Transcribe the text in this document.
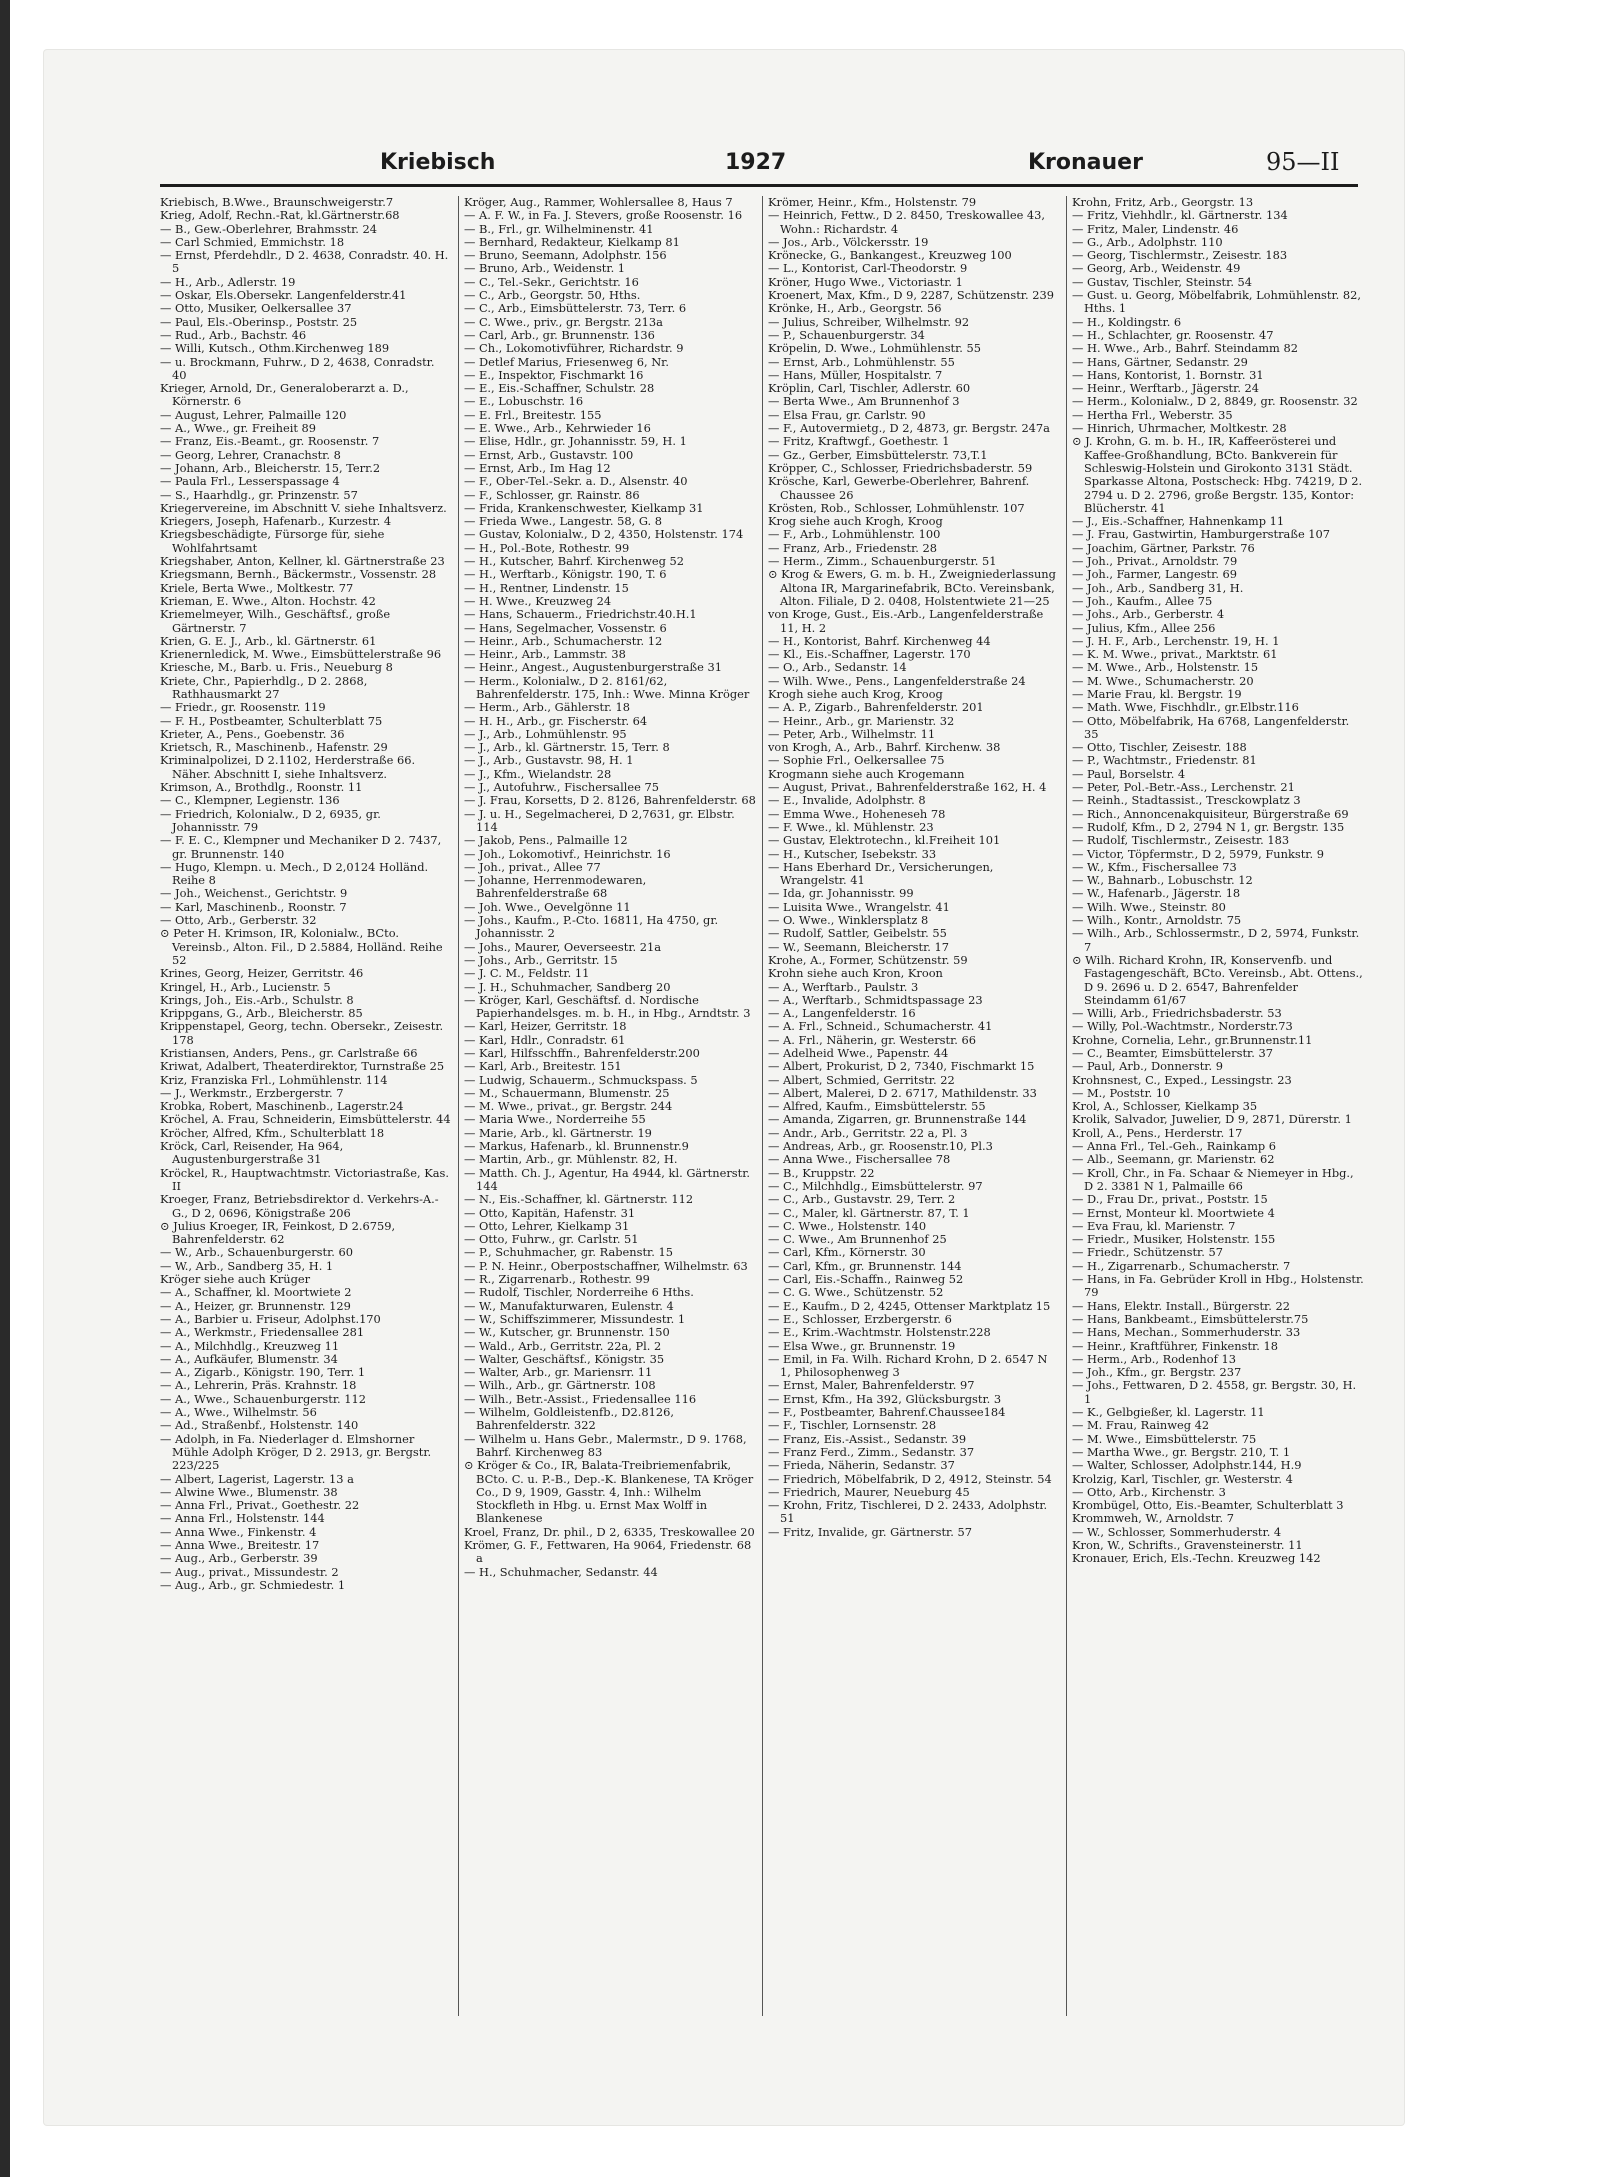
Kriebisch	1927	Kronauer	95—II

Kriebisch, B.Wwe., Braunschweigerstr.7

Krieg, Adolf, Rechn.-Rat, kl.Gärtnerstr.68

— B., Gew.-Oberlehrer, Brahmsstr. 24

— Carl Schmied, Emmichstr. 18

— Ernst, Pferdehdlr., D 2. 4638, Conradstr. 40. H. 5

— H., Arb., Adlerstr. 19

— Oskar, Els.Obersekr. Langenfelderstr.41

— Otto, Musiker, Oelkersallee 37

— Paul, Els.-Oberinsp., Poststr. 25

— Rud., Arb., Bachstr. 46

— Willi, Kutsch., Othm.Kirchenweg 189

— u. Brockmann, Fuhrw., D 2, 4638, Conradstr. 40

Krieger, Arnold, Dr., Generaloberarzt a. D., Körnerstr. 6

— August, Lehrer, Palmaille 120

— A., Wwe., gr. Freiheit 89

— Franz, Eis.-Beamt., gr. Roosenstr. 7

— Georg, Lehrer, Cranachstr. 8

— Johann, Arb., Bleicherstr. 15, Terr.2

— Paula Frl., Lesserspassage 4

— S., Haarhdlg., gr. Prinzenstr. 57

Kriegervereine, im Abschnitt V. siehe Inhaltsverz.

Kriegers, Joseph, Hafenarb., Kurzestr. 4

Kriegsbeschädigte, Fürsorge für, siehe Wohlfahrtsamt

Kriegshaber, Anton, Kellner, kl. Gärtnerstraße 23

Kriegsmann, Bernh., Bäckermstr., Vossenstr. 28

Kriele, Berta Wwe., Moltkestr. 77

Krieman, E. Wwe., Alton. Hochstr. 42

Kriemelmeyer, Wilh., Geschäftsf., große Gärtnerstr. 7

Krien, G. E. J., Arb., kl. Gärtnerstr. 61

Krienernledick, M. Wwe., Eimsbüttelerstraße 96

Kriesche, M., Barb. u. Fris., Neueburg 8

Kriete, Chr., Papierhdlg., D 2. 2868, Rathhausmarkt 27

— Friedr., gr. Roosenstr. 119

— F. H., Postbeamter, Schulterblatt 75

Krieter, A., Pens., Goebenstr. 36

Krietsch, R., Maschinenb., Hafenstr. 29

Kriminalpolizei, D 2.1102, Herderstraße 66. Näher. Abschnitt I, siehe Inhaltsverz.

Krimson, A., Brothdlg., Roonstr. 11

— C., Klempner, Legienstr. 136

— Friedrich, Kolonialw., D 2, 6935, gr. Johannisstr. 79

— F. E. C., Klempner und Mechaniker D 2. 7437, gr. Brunnenstr. 140

— Hugo, Klempn. u. Mech., D 2,0124 Holländ. Reihe 8

— Joh., Weichenst., Gerichtstr. 9

— Karl, Maschinenb., Roonstr. 7

— Otto, Arb., Gerberstr. 32

⊙ Peter H. Krimson, IR, Kolonialw., BCto. Vereinsb., Alton. Fil., D 2.5884, Holländ. Reihe 52

Krines, Georg, Heizer, Gerritstr. 46

Kringel, H., Arb., Lucienstr. 5

Krings, Joh., Eis.-Arb., Schulstr. 8

Krippgans, G., Arb., Bleicherstr. 85

Krippenstapel, Georg, techn. Obersekr., Zeisestr. 178

Kristiansen, Anders, Pens., gr. Carlstraße 66

Kriwat, Adalbert, Theaterdirektor, Turnstraße 25

Kriz, Franziska Frl., Lohmühlenstr. 114

— J., Werkmstr., Erzbergerstr. 7

Krobka, Robert, Maschinenb., Lagerstr.24

Kröchel, A. Frau, Schneiderin, Eimsbüttelerstr. 44

Kröcher, Alfred, Kfm., Schulterblatt 18

Kröck, Carl, Reisender, Ha 964, Augustenburgerstraße 31

Kröckel, R., Hauptwachtmstr. Victoriastraße, Kas. II

Kroeger, Franz, Betriebsdirektor d. Verkehrs-A.-G., D 2, 0696, Königstraße 206

⊙ Julius Kroeger, IR, Feinkost, D 2.6759, Bahrenfelderstr. 62

— W., Arb., Schauenburgerstr. 60

— W., Arb., Sandberg 35, H. 1

Kröger siehe auch Krüger

— A., Schaffner, kl. Moortwiete 2

— A., Heizer, gr. Brunnenstr. 129

— A., Barbier u. Friseur, Adolphst.170

— A., Werkmstr., Friedensallee 281

— A., Milchhdlg., Kreuzweg 11

— A., Aufkäufer, Blumenstr. 34

— A., Zigarb., Königstr. 190, Terr. 1

— A., Lehrerin, Präs. Krahnstr. 18

— A., Wwe., Schauenburgerstr. 112

— A., Wwe., Wilhelmstr. 56

— Ad., Straßenbf., Holstenstr. 140

— Adolph, in Fa. Niederlager d. Elmshorner Mühle Adolph Kröger, D 2. 2913, gr. Bergstr. 223/225

— Albert, Lagerist, Lagerstr. 13 a

— Alwine Wwe., Blumenstr. 38

— Anna Frl., Privat., Goethestr. 22

— Anna Frl., Holstenstr. 144

— Anna Wwe., Finkenstr. 4

— Anna Wwe., Breitestr. 17

— Aug., Arb., Gerberstr. 39

— Aug., privat., Missundestr. 2

— Aug., Arb., gr. Schmiedestr. 1

Kröger, Aug., Rammer, Wohlersallee 8, Haus 7

— A. F. W., in Fa. J. Stevers, große Roosenstr. 16

— B., Frl., gr. Wilhelminenstr. 41

— Bernhard, Redakteur, Kielkamp 81

— Bruno, Seemann, Adolphstr. 156

— Bruno, Arb., Weidenstr. 1

— C., Tel.-Sekr., Gerichtstr. 16

— C., Arb., Georgstr. 50, Hths.

— C., Arb., Eimsbüttelerstr. 73, Terr. 6

— C. Wwe., priv., gr. Bergstr. 213a

— Carl, Arb., gr. Brunnenstr. 136

— Ch., Lokomotivführer, Richardstr. 9

— Detlef Marius, Friesenweg 6, Nr.

— E., Inspektor, Fischmarkt 16

— E., Eis.-Schaffner, Schulstr. 28

— E., Lobuschstr. 16

— E. Frl., Breitestr. 155

— E. Wwe., Arb., Kehrwieder 16

— Elise, Hdlr., gr. Johannisstr. 59, H. 1

— Ernst, Arb., Gustavstr. 100

— Ernst, Arb., Im Hag 12

— F., Ober-Tel.-Sekr. a. D., Alsenstr. 40

— F., Schlosser, gr. Rainstr. 86

— Frida, Krankenschwester, Kielkamp 31

— Frieda Wwe., Langestr. 58, G. 8

— Gustav, Kolonialw., D 2, 4350, Holstenstr. 174

— H., Pol.-Bote, Rothestr. 99

— H., Kutscher, Bahrf. Kirchenweg 52

— H., Werftarb., Königstr. 190, T. 6

— H., Rentner, Lindenstr. 15

— H. Wwe., Kreuzweg 24

— Hans, Schauerm., Friedrichstr.40.H.1

— Hans, Segelmacher, Vossenstr. 6

— Heinr., Arb., Schumacherstr. 12

— Heinr., Arb., Lammstr. 38

— Heinr., Angest., Augustenburgerstraße 31

— Herm., Kolonialw., D 2. 8161/62, Bahrenfelderstr. 175, Inh.: Wwe. Minna Kröger

— Herm., Arb., Gählerstr. 18

— H. H., Arb., gr. Fischerstr. 64

— J., Arb., Lohmühlenstr. 95

— J., Arb., kl. Gärtnerstr. 15, Terr. 8

— J., Arb., Gustavstr. 98, H. 1

— J., Kfm., Wielandstr. 28

— J., Autofuhrw., Fischersallee 75

— J. Frau, Korsetts, D 2. 8126, Bahrenfelderstr. 68

— J. u. H., Segelmacherei, D 2,7631, gr. Elbstr. 114

— Jakob, Pens., Palmaille 12

— Joh., Lokomotivf., Heinrichstr. 16

— Joh., privat., Allee 77

— Johanne, Herrenmodewaren, Bahrenfelderstraße 68

— Joh. Wwe., Oevelgönne 11

— Johs., Kaufm., P.-Cto. 16811, Ha 4750, gr. Johannisstr. 2

— Johs., Maurer, Oeverseestr. 21a

— Johs., Arb., Gerritstr. 15

— J. C. M., Feldstr. 11

— J. H., Schuhmacher, Sandberg 20

— Kröger, Karl, Geschäftsf. d. Nordische Papierhandelsges. m. b. H., in Hbg., Arndtstr. 3

— Karl, Heizer, Gerritstr. 18

— Karl, Hdlr., Conradstr. 61

— Karl, Hilfsschffn., Bahrenfelderstr.200

— Karl, Arb., Breitestr. 151

— Ludwig, Schauerm., Schmuckspass. 5

— M., Schauermann, Blumenstr. 25

— M. Wwe., privat., gr. Bergstr. 244

— Maria Wwe., Norderreihe 55

— Marie, Arb., kl. Gärtnerstr. 19

— Markus, Hafenarb., kl. Brunnenstr.9

— Martin, Arb., gr. Mühlenstr. 82, H.

— Matth. Ch. J., Agentur, Ha 4944, kl. Gärtnerstr. 144

— N., Eis.-Schaffner, kl. Gärtnerstr. 112

— Otto, Kapitän, Hafenstr. 31

— Otto, Lehrer, Kielkamp 31

— Otto, Fuhrw., gr. Carlstr. 51

— P., Schuhmacher, gr. Rabenstr. 15

— P. N. Heinr., Oberpostschaffner, Wilhelmstr. 63

— R., Zigarrenarb., Rothestr. 99

— Rudolf, Tischler, Norderreihe 6 Hths.

— W., Manufakturwaren, Eulenstr. 4

— W., Schiffszimmerer, Missundestr. 1

— W., Kutscher, gr. Brunnenstr. 150

— Wald., Arb., Gerritstr. 22a, Pl. 2

— Walter, Geschäftsf., Königstr. 35

— Walter, Arb., gr. Mariensrr. 11

— Wilh., Arb., gr. Gärtnerstr. 108

— Wilh., Betr.-Assist., Friedensallee 116

— Wilhelm, Goldleistenfb., D2.8126, Bahrenfelderstr. 322

— Wilhelm u. Hans Gebr., Malermstr., D 9. 1768, Bahrf. Kirchenweg 83

⊙ Kröger & Co., IR, Balata-Treibriemenfabrik, BCto. C. u. P.-B., Dep.-K. Blankenese, TA Kröger Co., D 9, 1909, Gasstr. 4, Inh.: Wilhelm Stockfleth in Hbg. u. Ernst Max Wolff in Blankenese

Kroel, Franz, Dr. phil., D 2, 6335, Treskowallee 20

Krömer, G. F., Fettwaren, Ha 9064, Friedenstr. 68 a

— H., Schuhmacher, Sedanstr. 44

Krömer, Heinr., Kfm., Holstenstr. 79

— Heinrich, Fettw., D 2. 8450, Treskowallee 43, Wohn.: Richardstr. 4

— Jos., Arb., Völckersstr. 19

Krönecke, G., Bankangest., Kreuzweg 100

— L., Kontorist, Carl-Theodorstr. 9

Kröner, Hugo Wwe., Victoriastr. 1

Kroenert, Max, Kfm., D 9, 2287, Schützenstr. 239

Krönke, H., Arb., Georgstr. 56

— Julius, Schreiber, Wilhelmstr. 92

— P., Schauenburgerstr. 34

Kröpelin, D. Wwe., Lohmühlenstr. 55

— Ernst, Arb., Lohmühlenstr. 55

— Hans, Müller, Hospitalstr. 7

Kröplin, Carl, Tischler, Adlerstr. 60

— Berta Wwe., Am Brunnenhof 3

— Elsa Frau, gr. Carlstr. 90

— F., Autovermietg., D 2, 4873, gr. Bergstr. 247a

— Fritz, Kraftwgf., Goethestr. 1

— Gz., Gerber, Eimsbüttelerstr. 73,T.1

Kröpper, C., Schlosser, Friedrichsbaderstr. 59

Krösche, Karl, Gewerbe-Oberlehrer, Bahrenf. Chaussee 26

Krösten, Rob., Schlosser, Lohmühlenstr. 107

Krog siehe auch Krogh, Kroog

— F., Arb., Lohmühlenstr. 100

— Franz, Arb., Friedenstr. 28

— Herm., Zimm., Schauenburgerstr. 51

⊙ Krog & Ewers, G. m. b. H., Zweigniederlassung Altona IR, Margarinefabrik, BCto. Vereinsbank, Alton. Filiale, D 2. 0408, Holstentwiete 21—25

von Kroge, Gust., Eis.-Arb., Langenfelderstraße 11, H. 2

— H., Kontorist, Bahrf. Kirchenweg 44

— Kl., Eis.-Schaffner, Lagerstr. 170

— O., Arb., Sedanstr. 14

— Wilh. Wwe., Pens., Langenfelderstraße 24

Krogh siehe auch Krog, Kroog

— A. P., Zigarb., Bahrenfelderstr. 201

— Heinr., Arb., gr. Marienstr. 32

— Peter, Arb., Wilhelmstr. 11

von Krogh, A., Arb., Bahrf. Kirchenw. 38

— Sophie Frl., Oelkersallee 75

Krogmann siehe auch Krogemann

— August, Privat., Bahrenfelderstraße 162, H. 4

— E., Invalide, Adolphstr. 8

— Emma Wwe., Hoheneseh 78

— F. Wwe., kl. Mühlenstr. 23

— Gustav, Elektrotechn., kl.Freiheit 101

— H., Kutscher, Isebekstr. 33

— Hans Eberhard Dr., Versicherungen, Wrangelstr. 41

— Ida, gr. Johannisstr. 99

— Luisita Wwe., Wrangelstr. 41

— O. Wwe., Winklersplatz 8

— Rudolf, Sattler, Geibelstr. 55

— W., Seemann, Bleicherstr. 17

Krohe, A., Former, Schützenstr. 59

Krohn siehe auch Kron, Kroon

— A., Werftarb., Paulstr. 3

— A., Werftarb., Schmidtspassage 23

— A., Langenfelderstr. 16

— A. Frl., Schneid., Schumacherstr. 41

— A. Frl., Näherin, gr. Westerstr. 66

— Adelheid Wwe., Papenstr. 44

— Albert, Prokurist, D 2, 7340, Fischmarkt 15

— Albert, Schmied, Gerritstr. 22

— Albert, Malerei, D 2. 6717, Mathildenstr. 33

— Alfred, Kaufm., Eimsbüttelerstr. 55

— Amanda, Zigarren, gr. Brunnenstraße 144

— Andr., Arb., Gerritstr. 22 a, Pl. 3

— Andreas, Arb., gr. Roosenstr.10, Pl.3

— Anna Wwe., Fischersallee 78

— B., Kruppstr. 22

— C., Milchhdlg., Eimsbüttelerstr. 97

— C., Arb., Gustavstr. 29, Terr. 2

— C., Maler, kl. Gärtnerstr. 87, T. 1

— C. Wwe., Holstenstr. 140

— C. Wwe., Am Brunnenhof 25

— Carl, Kfm., Körnerstr. 30

— Carl, Kfm., gr. Brunnenstr. 144

— Carl, Eis.-Schaffn., Rainweg 52

— C. G. Wwe., Schützenstr. 52

— E., Kaufm., D 2, 4245, Ottenser Marktplatz 15

— E., Schlosser, Erzbergerstr. 6

— E., Krim.-Wachtmstr. Holstenstr.228

— Elsa Wwe., gr. Brunnenstr. 19

— Emil, in Fa. Wilh. Richard Krohn, D 2. 6547 N 1, Philosophenweg 3

— Ernst, Maler, Bahrenfelderstr. 97

— Ernst, Kfm., Ha 392, Glücksburgstr. 3

— F., Postbeamter, Bahrenf.Chaussee184

— F., Tischler, Lornsenstr. 28

— Franz, Eis.-Assist., Sedanstr. 39

— Franz Ferd., Zimm., Sedanstr. 37

— Frieda, Näherin, Sedanstr. 37

— Friedrich, Möbelfabrik, D 2, 4912, Steinstr. 54

— Friedrich, Maurer, Neueburg 45

— Krohn, Fritz, Tischlerei, D 2. 2433, Adolphstr. 51

— Fritz, Invalide, gr. Gärtnerstr. 57

Krohn, Fritz, Arb., Georgstr. 13

— Fritz, Viehhdlr., kl. Gärtnerstr. 134

— Fritz, Maler, Lindenstr. 46

— G., Arb., Adolphstr. 110

— Georg, Tischlermstr., Zeisestr. 183

— Georg, Arb., Weidenstr. 49

— Gustav, Tischler, Steinstr. 54

— Gust. u. Georg, Möbelfabrik, Lohmühlenstr. 82, Hths. 1

— H., Koldingstr. 6

— H., Schlachter, gr. Roosenstr. 47

— H. Wwe., Arb., Bahrf. Steindamm 82

— Hans, Gärtner, Sedanstr. 29

— Hans, Kontorist, 1. Bornstr. 31

— Heinr., Werftarb., Jägerstr. 24

— Herm., Kolonialw., D 2, 8849, gr. Roosenstr. 32

— Hertha Frl., Weberstr. 35

— Hinrich, Uhrmacher, Moltkestr. 28

⊙ J. Krohn, G. m. b. H., IR, Kaffeerösterei und Kaffee-Großhandlung, BCto. Bankverein für Schleswig-Holstein und Girokonto 3131 Städt. Sparkasse Altona, Postscheck: Hbg. 74219, D 2. 2794 u. D 2. 2796, große Bergstr. 135, Kontor: Blücherstr. 41

— J., Eis.-Schaffner, Hahnenkamp 11

— J. Frau, Gastwirtin, Hamburgerstraße 107

— Joachim, Gärtner, Parkstr. 76

— Joh., Privat., Arnoldstr. 79

— Joh., Farmer, Langestr. 69

— Joh., Arb., Sandberg 31, H.

— Joh., Kaufm., Allee 75

— Johs., Arb., Gerberstr. 4

— Julius, Kfm., Allee 256

— J. H. F., Arb., Lerchenstr. 19, H. 1

— K. M. Wwe., privat., Marktstr. 61

— M. Wwe., Arb., Holstenstr. 15

— M. Wwe., Schumacherstr. 20

— Marie Frau, kl. Bergstr. 19

— Math. Wwe, Fischhdlr., gr.Elbstr.116

— Otto, Möbelfabrik, Ha 6768, Langenfelderstr. 35

— Otto, Tischler, Zeisestr. 188

— P., Wachtmstr., Friedenstr. 81

— Paul, Borselstr. 4

— Peter, Pol.-Betr.-Ass., Lerchenstr. 21

— Reinh., Stadtassist., Tresckowplatz 3

— Rich., Annoncenakquisiteur, Bürgerstraße 69

— Rudolf, Kfm., D 2, 2794 N 1, gr. Bergstr. 135

— Rudolf, Tischlermstr., Zeisestr. 183

— Victor, Töpfermstr., D 2, 5979, Funkstr. 9

— W., Kfm., Fischersallee 73

— W., Bahnarb., Lobuschstr. 12

— W., Hafenarb., Jägerstr. 18

— Wilh. Wwe., Steinstr. 80

— Wilh., Kontr., Arnoldstr. 75

— Wilh., Arb., Schlossermstr., D 2, 5974, Funkstr. 7

⊙ Wilh. Richard Krohn, IR, Konservenfb. und Fastagengeschäft, BCto. Vereinsb., Abt. Ottens., D 9. 2696 u. D 2. 6547, Bahrenfelder Steindamm 61/67

— Willi, Arb., Friedrichsbaderstr. 53

— Willy, Pol.-Wachtmstr., Norderstr.73

Krohne, Cornelia, Lehr., gr.Brunnenstr.11

— C., Beamter, Eimsbüttelerstr. 37

— Paul, Arb., Donnerstr. 9

Krohnsnest, C., Exped., Lessingstr. 23

— M., Poststr. 10

Krol, A., Schlosser, Kielkamp 35

Krolik, Salvador, Juwelier, D 9, 2871, Dürerstr. 1

Kroll, A., Pens., Herderstr. 17

— Anna Frl., Tel.-Geh., Rainkamp 6

— Alb., Seemann, gr. Marienstr. 62

— Kroll, Chr., in Fa. Schaar & Niemeyer in Hbg., D 2. 3381 N 1, Palmaille 66

— D., Frau Dr., privat., Poststr. 15

— Ernst, Monteur kl. Moortwiete 4

— Eva Frau, kl. Marienstr. 7

— Friedr., Musiker, Holstenstr. 155

— Friedr., Schützenstr. 57

— H., Zigarrenarb., Schumacherstr. 7

— Hans, in Fa. Gebrüder Kroll in Hbg., Holstenstr. 79

— Hans, Elektr. Install., Bürgerstr. 22

— Hans, Bankbeamt., Eimsbüttelerstr.75

— Hans, Mechan., Sommerhuderstr. 33

— Heinr., Kraftführer, Finkenstr. 18

— Herm., Arb., Rodenhof 13

— Joh., Kfm., gr. Bergstr. 237

— Johs., Fettwaren, D 2. 4558, gr. Bergstr. 30, H. 1

— K., Gelbgießer, kl. Lagerstr. 11

— M. Frau, Rainweg 42

— M. Wwe., Eimsbüttelerstr. 75

— Martha Wwe., gr. Bergstr. 210, T. 1

— Walter, Schlosser, Adolphstr.144, H.9

Krolzig, Karl, Tischler, gr. Westerstr. 4

— Otto, Arb., Kirchenstr. 3

Krombügel, Otto, Eis.-Beamter, Schulterblatt 3

Krommweh, W., Arnoldstr. 7

— W., Schlosser, Sommerhuderstr. 4

Kron, W., Schrifts., Gravensteinerstr. 11

Kronauer, Erich, Els.-Techn. Kreuzweg 142
